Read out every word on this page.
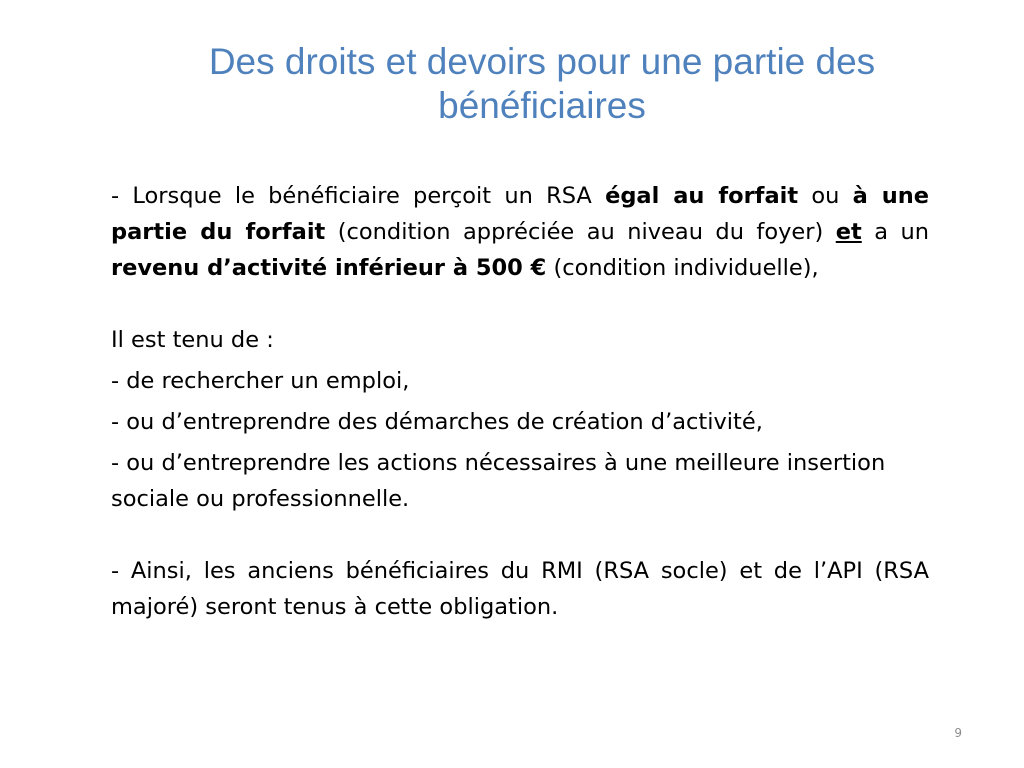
Des droits et devoirs pour une partie des
bénéficiaires

- Lorsque le bénéficiaire perçoit un RSA égal au forfait ou à une partie du forfait (condition appréciée au niveau du foyer) et a un revenu d’activité inférieur à 500 € (condition individuelle),

Il est tenu de :

- de rechercher un emploi,

- ou d’entreprendre des démarches de création d’activité,

- ou d’entreprendre les actions nécessaires à une meilleure insertion sociale ou professionnelle.

- Ainsi, les anciens bénéficiaires du RMI (RSA socle) et de l’API (RSA majoré) seront tenus à cette obligation.

9
